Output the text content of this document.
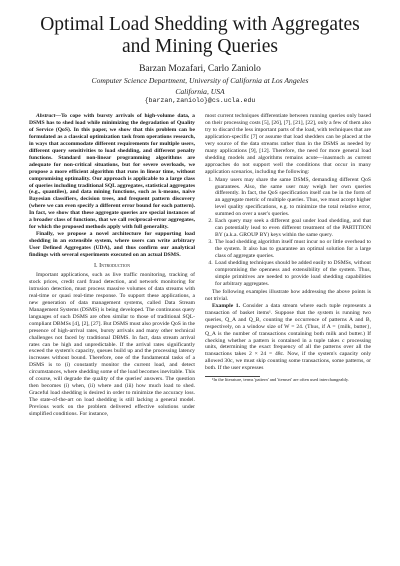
Optimal Load Shedding with Aggregates
and Mining Queries
Barzan Mozafari, Carlo Zaniolo
Computer Science Department, University of California at Los Angeles
California, USA
{barzan,zaniolo}@cs.ucla.edu

Abstract—To cope with bursty arrivals of high-volume data, a DSMS has to shed load while minimizing the degradation of Quality of Service (QoS). In this paper, we show that this problem can be formulated as a classical optimization task from operations research, in ways that accommodate different requirements for multiple users, different query sensitivities to load shedding, and different penalty functions. Standard non-linear programming algorithms are adequate for non-critical situations, but for severe overloads, we propose a more efficient algorithm that runs in linear time, without compromising optimality. Our approach is applicable to a large class of queries including traditional SQL aggregates, statistical aggregates (e.g., quantiles), and data mining functions, such as k-means, naive Bayesian classifiers, decision trees, and frequent pattern discovery (where we can even specify a different error bound for each pattern). In fact, we show that these aggregate queries are special instances of a broader class of functions, that we call reciprocal-error aggregates, for which the proposed methods apply with full generality.

Finally, we propose a novel architecture for supporting load shedding in an extensible system, where users can write arbitrary User Defined Aggregates (UDA), and thus confirm our analytical findings with several experiments executed on an actual DSMS.

I. Introduction

Important applications, such as live traffic monitoring, tracking of stock prices, credit card fraud detection, and network monitoring for intrusion detection, must process massive volumes of data streams with real-time or quasi real-time response. To support these applications, a new generation of data management systems, called Data Stream Management Systems (DSMS) is being developed. The continuous query languages of such DSMS are often similar to those of traditional SQL-compliant DBMSs [4], [2], [27]. But DSMS must also provide QoS in the presence of high-arrival rates, bursty arrivals and many other technical challenges not faced by traditional DBMS. In fact, data stream arrival rates can be high and unpredictable. If the arrival rates significantly exceed the system's capacity, queues build up and the processing latency increases without bound. Therefore, one of the fundamental tasks of a DSMS is to (i) constantly monitor the current load, and detect circumstances, where shedding some of the load becomes inevitable. This of course, will degrade the quality of the queries' answers. The question then becomes (i) when, (ii) where and (iii) how much load to shed. Graceful load shedding is desired in order to minimize the accuracy loss. The state-of-the-art on load shedding is still lacking a general model. Previous work on the problem delivered effective solutions under simplified conditions. For instance,

most current techniques differentiate between running queries only based on their processing costs [5], [26], [7], [21], [22], only a few of them also try to discard the less important parts of the load, with techniques that are application-specific [7] or assume that load shedders can be placed at the very source of the data streams rather than in the DSMS as needed by many applications [9], [12]. Therefore, the need for more general load shedding models and algorithms remains acute—inasmuch as current approaches do not support well the conditions that occur in many application scenarios, including the following:

1. Many users may share the same DSMS, demanding different QoS guarantees. Also, the same user may weigh her own queries differently. In fact, the QoS specification itself can be in the form of an aggregate metric of multiple queries. Thus, we must accept higher level quality specifications, e.g. to minimize the total relative error, summed on over a user's queries.
2. Each query may seek a different goal under load shedding, and that can potentially lead to even different treatment of the PARTITION BY (a.k.a. GROUP BY) keys within the same query.
3. The load shedding algorithm itself must incur no or little overhead to the system. It also has to guarantee an optimal solution for a large class of aggregate queries.
4. Load shedding techniques should be added easily to DSMSs, without compromising the openness and extensibility of the system. Thus, simple primitives are needed to provide load shedding capabilities for arbitrary aggregates.

The following examples illustrate how addressing the above points is not trivial.

Example 1. Consider a data stream where each tuple represents a transaction of basket items¹. Suppose that the system is running two queries, Q_A and Q_B, counting the occurrence of patterns A and B, respectively, on a window size of W = 24. (Thus, if A = {milk, butter}, Q_A is the number of transactions containing both milk and butter.) If checking whether a pattern is contained in a tuple takes c processing units, determining the exact frequency of all the patterns over all the transactions takes 2 × 24 = 48c. Now, if the system's capacity only allowed 30c, we must skip counting some transactions, some patterns, or both. If the user expresses

¹In the literature, terms 'pattern' and 'itemset' are often used interchangeably.
